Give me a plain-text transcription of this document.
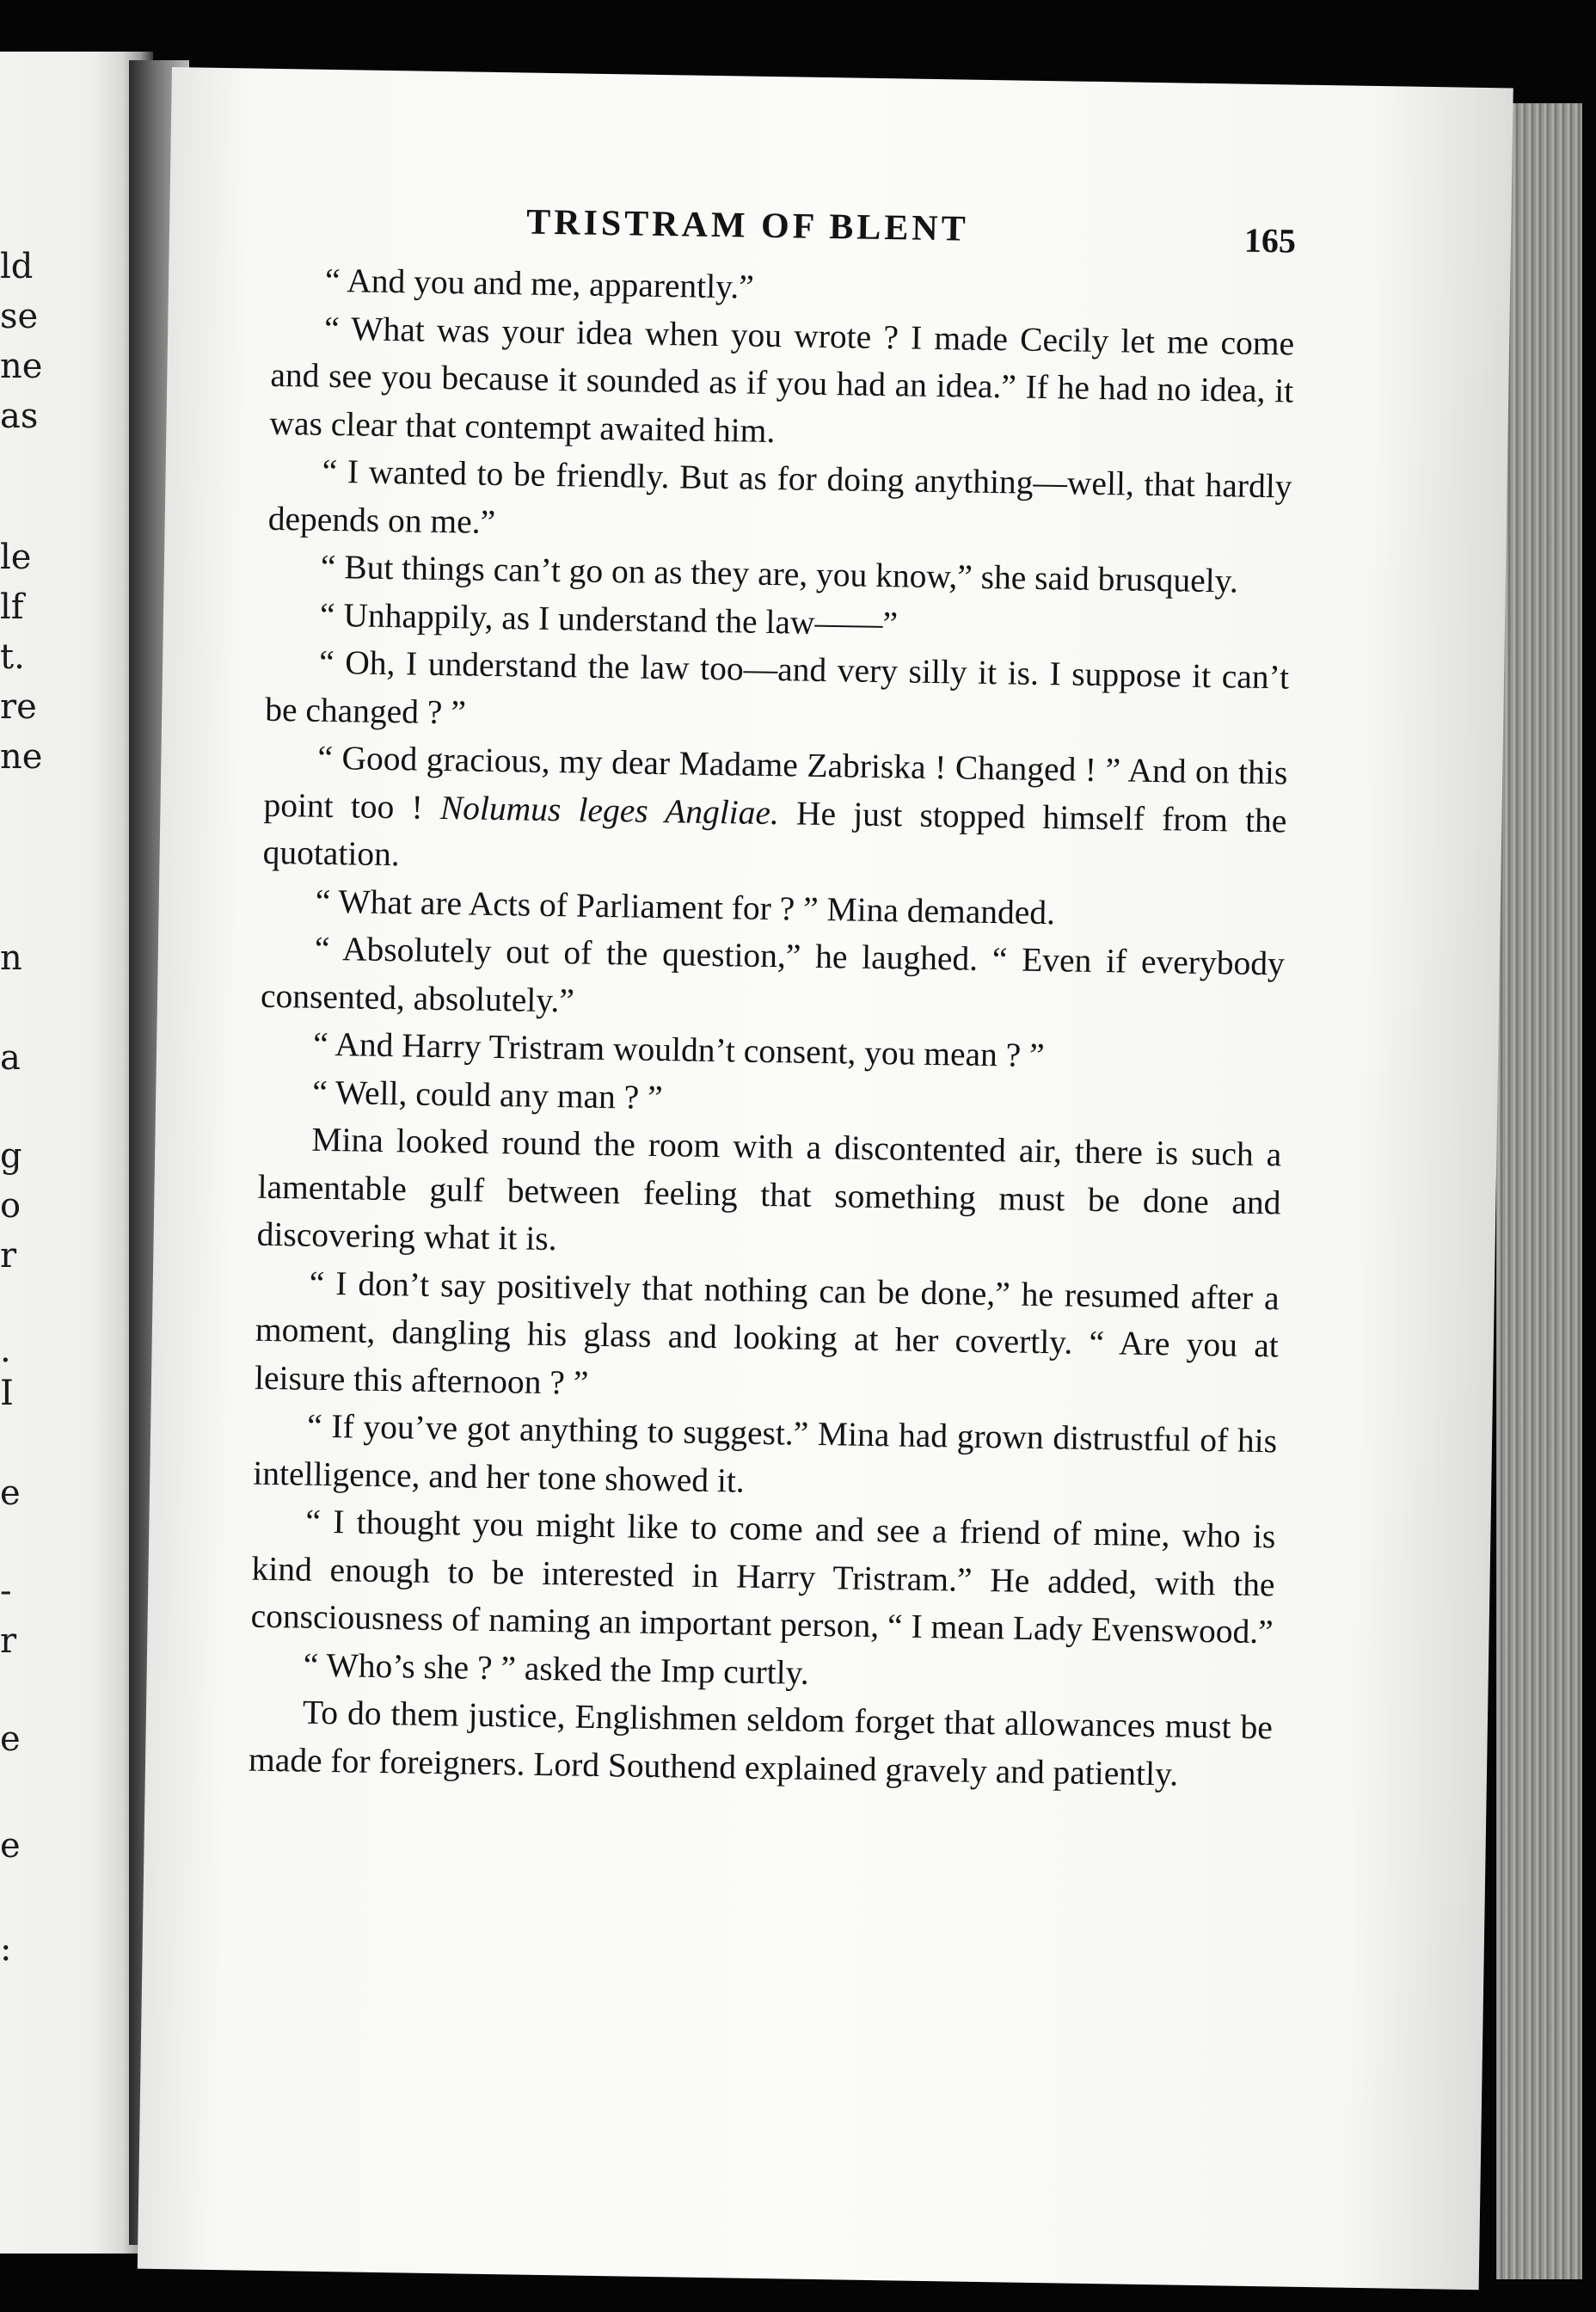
ld
se
ne
as
le
lf
t.
re
ne
n
a
g
o
r
.
I
e
-
r
e
e
:
TRISTRAM OF BLENT	165

“ And you and me, apparently.”

“ What was your idea when you wrote ? I made Cecily let me come and see you because it sounded as if you had an idea.” If he had no idea, it was clear that contempt awaited him.

“ I wanted to be friendly. But as for doing anything—well, that hardly depends on me.”

“ But things can’t go on as they are, you know,” she said brusquely.

“ Unhappily, as I understand the law——”

“ Oh, I understand the law too—and very silly it is. I suppose it can’t be changed ? ”

“ Good gracious, my dear Madame Zabriska ! Changed ! ” And on this point too ! Nolumus leges Angliae. He just stopped himself from the quotation.

“ What are Acts of Parliament for ? ” Mina demanded.

“ Absolutely out of the question,” he laughed. “ Even if everybody consented, absolutely.”

“ And Harry Tristram wouldn’t consent, you mean ? ”

“ Well, could any man ? ”

Mina looked round the room with a discontented air, there is such a lamentable gulf between feeling that something must be done and discovering what it is.

“ I don’t say positively that nothing can be done,” he resumed after a moment, dangling his glass and looking at her covertly. “ Are you at leisure this afternoon ? ”

“ If you’ve got anything to suggest.” Mina had grown distrustful of his intelligence, and her tone showed it.

“ I thought you might like to come and see a friend of mine, who is kind enough to be interested in Harry Tristram.” He added, with the consciousness of naming an important person, “ I mean Lady Evenswood.”

“ Who’s she ? ” asked the Imp curtly.

To do them justice, Englishmen seldom forget that allowances must be made for foreigners. Lord Southend explained gravely and patiently.
